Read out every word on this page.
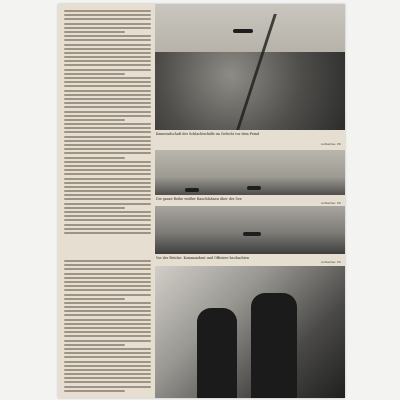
Kameradschaft der Schlachtschiffe im Gefecht vor dem Feind
Aufnahme: PK
Die ganze Reihe weißer Rauchfahnen über der See
Aufnahme: PK
Vor der Brücke: Kommandant und Offiziere beobachten
Aufnahme: PK
